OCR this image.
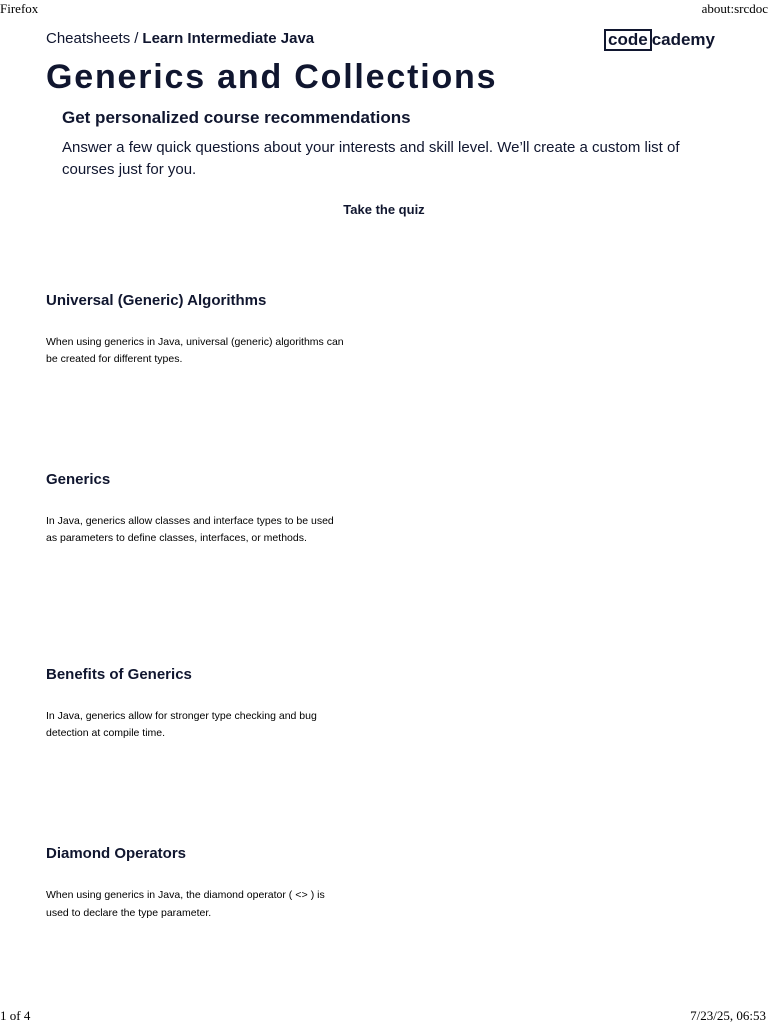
Firefox	about:srcdoc
Cheatsheets / Learn Intermediate Java	code cademy
Generics and Collections
Get personalized course recommendations

Answer a few quick questions about your interests and skill level. We’ll create a custom list of courses just for you.

Take the quiz
Universal (Generic) Algorithms

When using generics in Java, universal (generic) algorithms can be created for different types.

Generics

In Java, generics allow classes and interface types to be used as parameters to define classes, interfaces, or methods.

Benefits of Generics

In Java, generics allow for stronger type checking and bug detection at compile time.

Diamond Operators

When using generics in Java, the diamond operator ( <> ) is used to declare the type parameter.

1 of 4	7/23/25, 06:53
